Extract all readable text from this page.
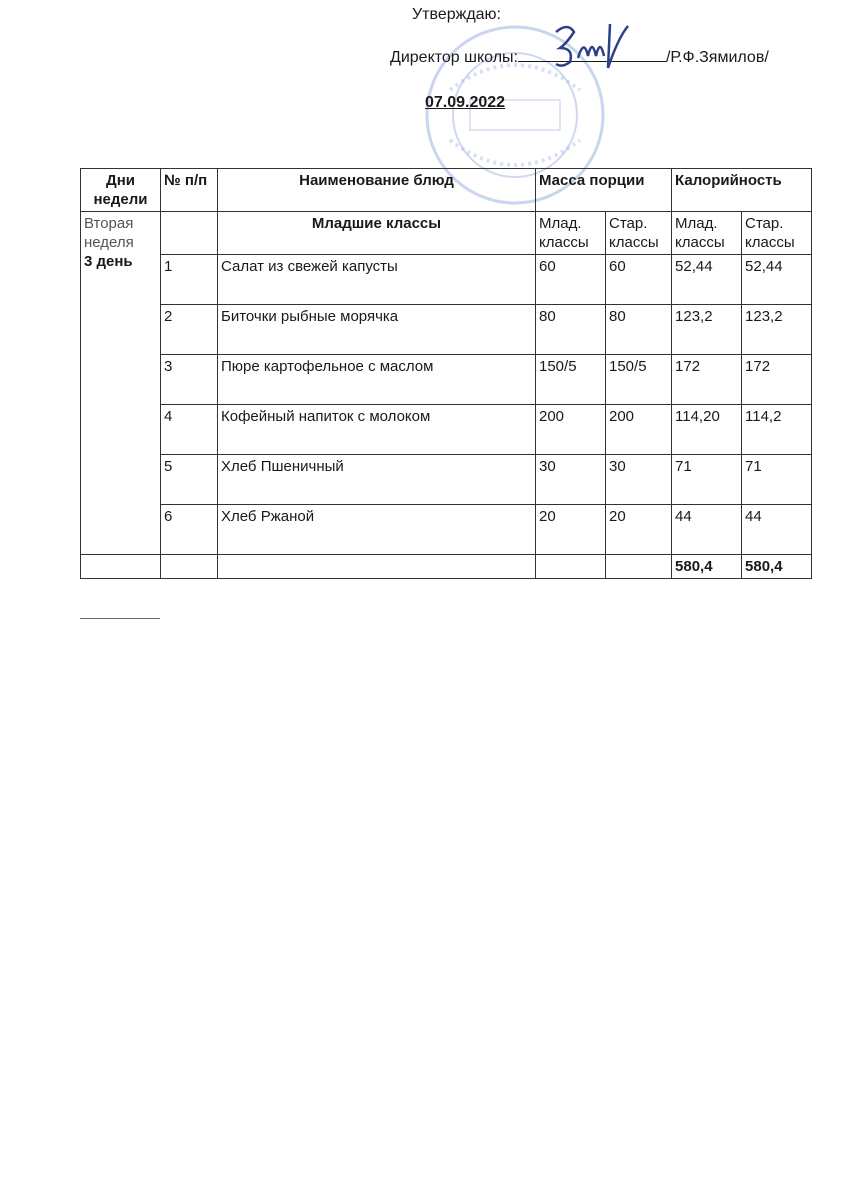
Утверждаю:
Директор школы:	/Р.Ф.Зямилов/
07.09.2022
Дни недели	№ п/п	Наименование блюд	Масса порции		Калорийность	

Вторая неделя
3 день		Младшие классы	Млад. классы	Стар. классы	Млад. классы	Стар. классы
	1	Салат из свежей капусты	60	60	52,44	52,44
	2	Биточки рыбные морячка	80	80	123,2	123,2
	3	Пюре картофельное с маслом	150/5	150/5	172	172
	4	Кофейный напиток с молоком	200	200	114,20	114,2
	5	Хлеб Пшеничный	30	30	71	71
	6	Хлеб Ржаной	20	20	44	44
					580,4	580,4
